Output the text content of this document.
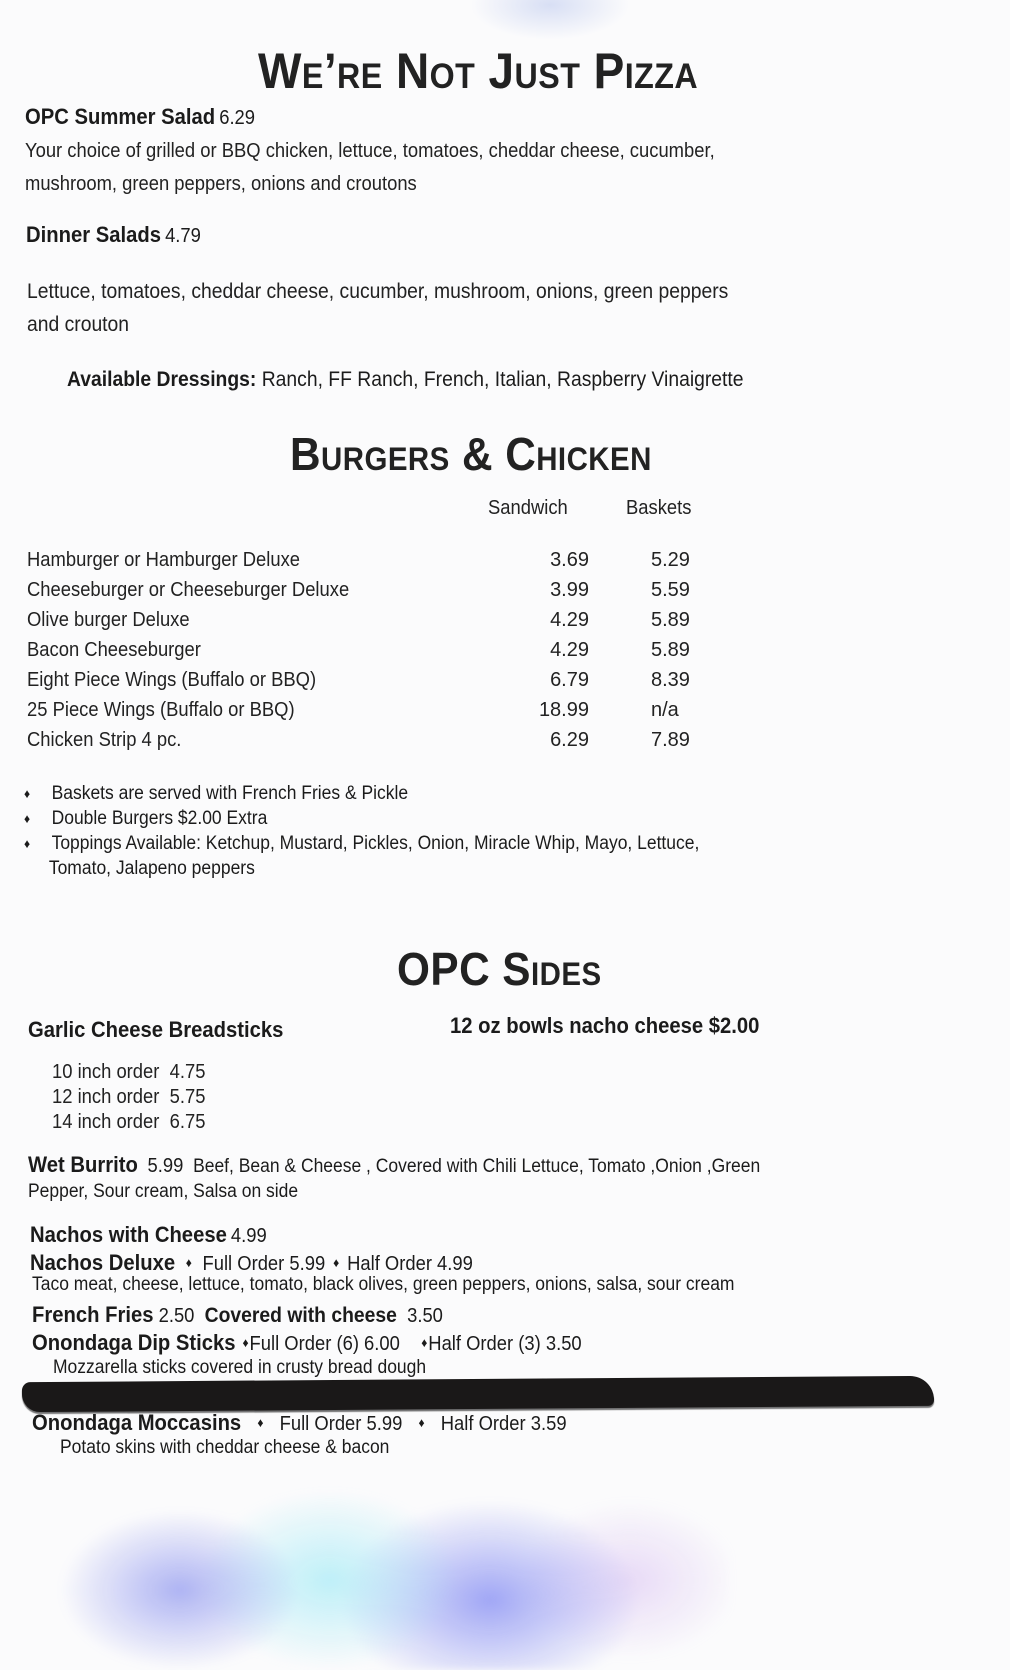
We’re Not Just Pizza
OPC Summer Salad 6.29
Your choice of grilled or BBQ chicken, lettuce, tomatoes, cheddar cheese, cucumber,
mushroom, green peppers, onions and croutons
Dinner Salads 4.79
Lettuce, tomatoes, cheddar cheese, cucumber, mushroom, onions, green peppers
and crouton
Available Dressings: Ranch, FF Ranch, French, Italian, Raspberry Vinaigrette
Burgers & Chicken
Sandwich	Baskets
Hamburger or Hamburger Deluxe	3.69	5.29
Cheeseburger or Cheeseburger Deluxe	3.99	5.59
Olive burger Deluxe	4.29	5.89
Bacon Cheeseburger	4.29	5.89
Eight Piece Wings (Buffalo or BBQ)	6.79	8.39
25 Piece Wings (Buffalo or BBQ)	18.99	n/a
Chicken Strip 4 pc.	6.29	7.89
♦ Baskets are served with French Fries & Pickle
♦ Double Burgers $2.00 Extra
♦ Toppings Available: Ketchup, Mustard, Pickles, Onion, Miracle Whip, Mayo, Lettuce,
Tomato, Jalapeno peppers
OPC Sides
Garlic Cheese Breadsticks	12 oz bowls nacho cheese $2.00
10 inch order 4.75
12 inch order 5.75
14 inch order 6.75
Wet Burrito 5.99 Beef, Bean & Cheese , Covered with Chili Lettuce, Tomato ,Onion ,Green
Pepper, Sour cream, Salsa on side
Nachos with Cheese 4.99
Nachos Deluxe ♦ Full Order 5.99 ♦ Half Order 4.99
Taco meat, cheese, lettuce, tomato, black olives, green peppers, onions, salsa, sour cream
French Fries 2.50 Covered with cheese 3.50
Onondaga Dip Sticks ♦Full Order (6) 6.00 ♦Half Order (3) 3.50
Mozzarella sticks covered in crusty bread dough
Onondaga Moccasins ♦ Full Order 5.99 ♦ Half Order 3.59
Potato skins with cheddar cheese & bacon
